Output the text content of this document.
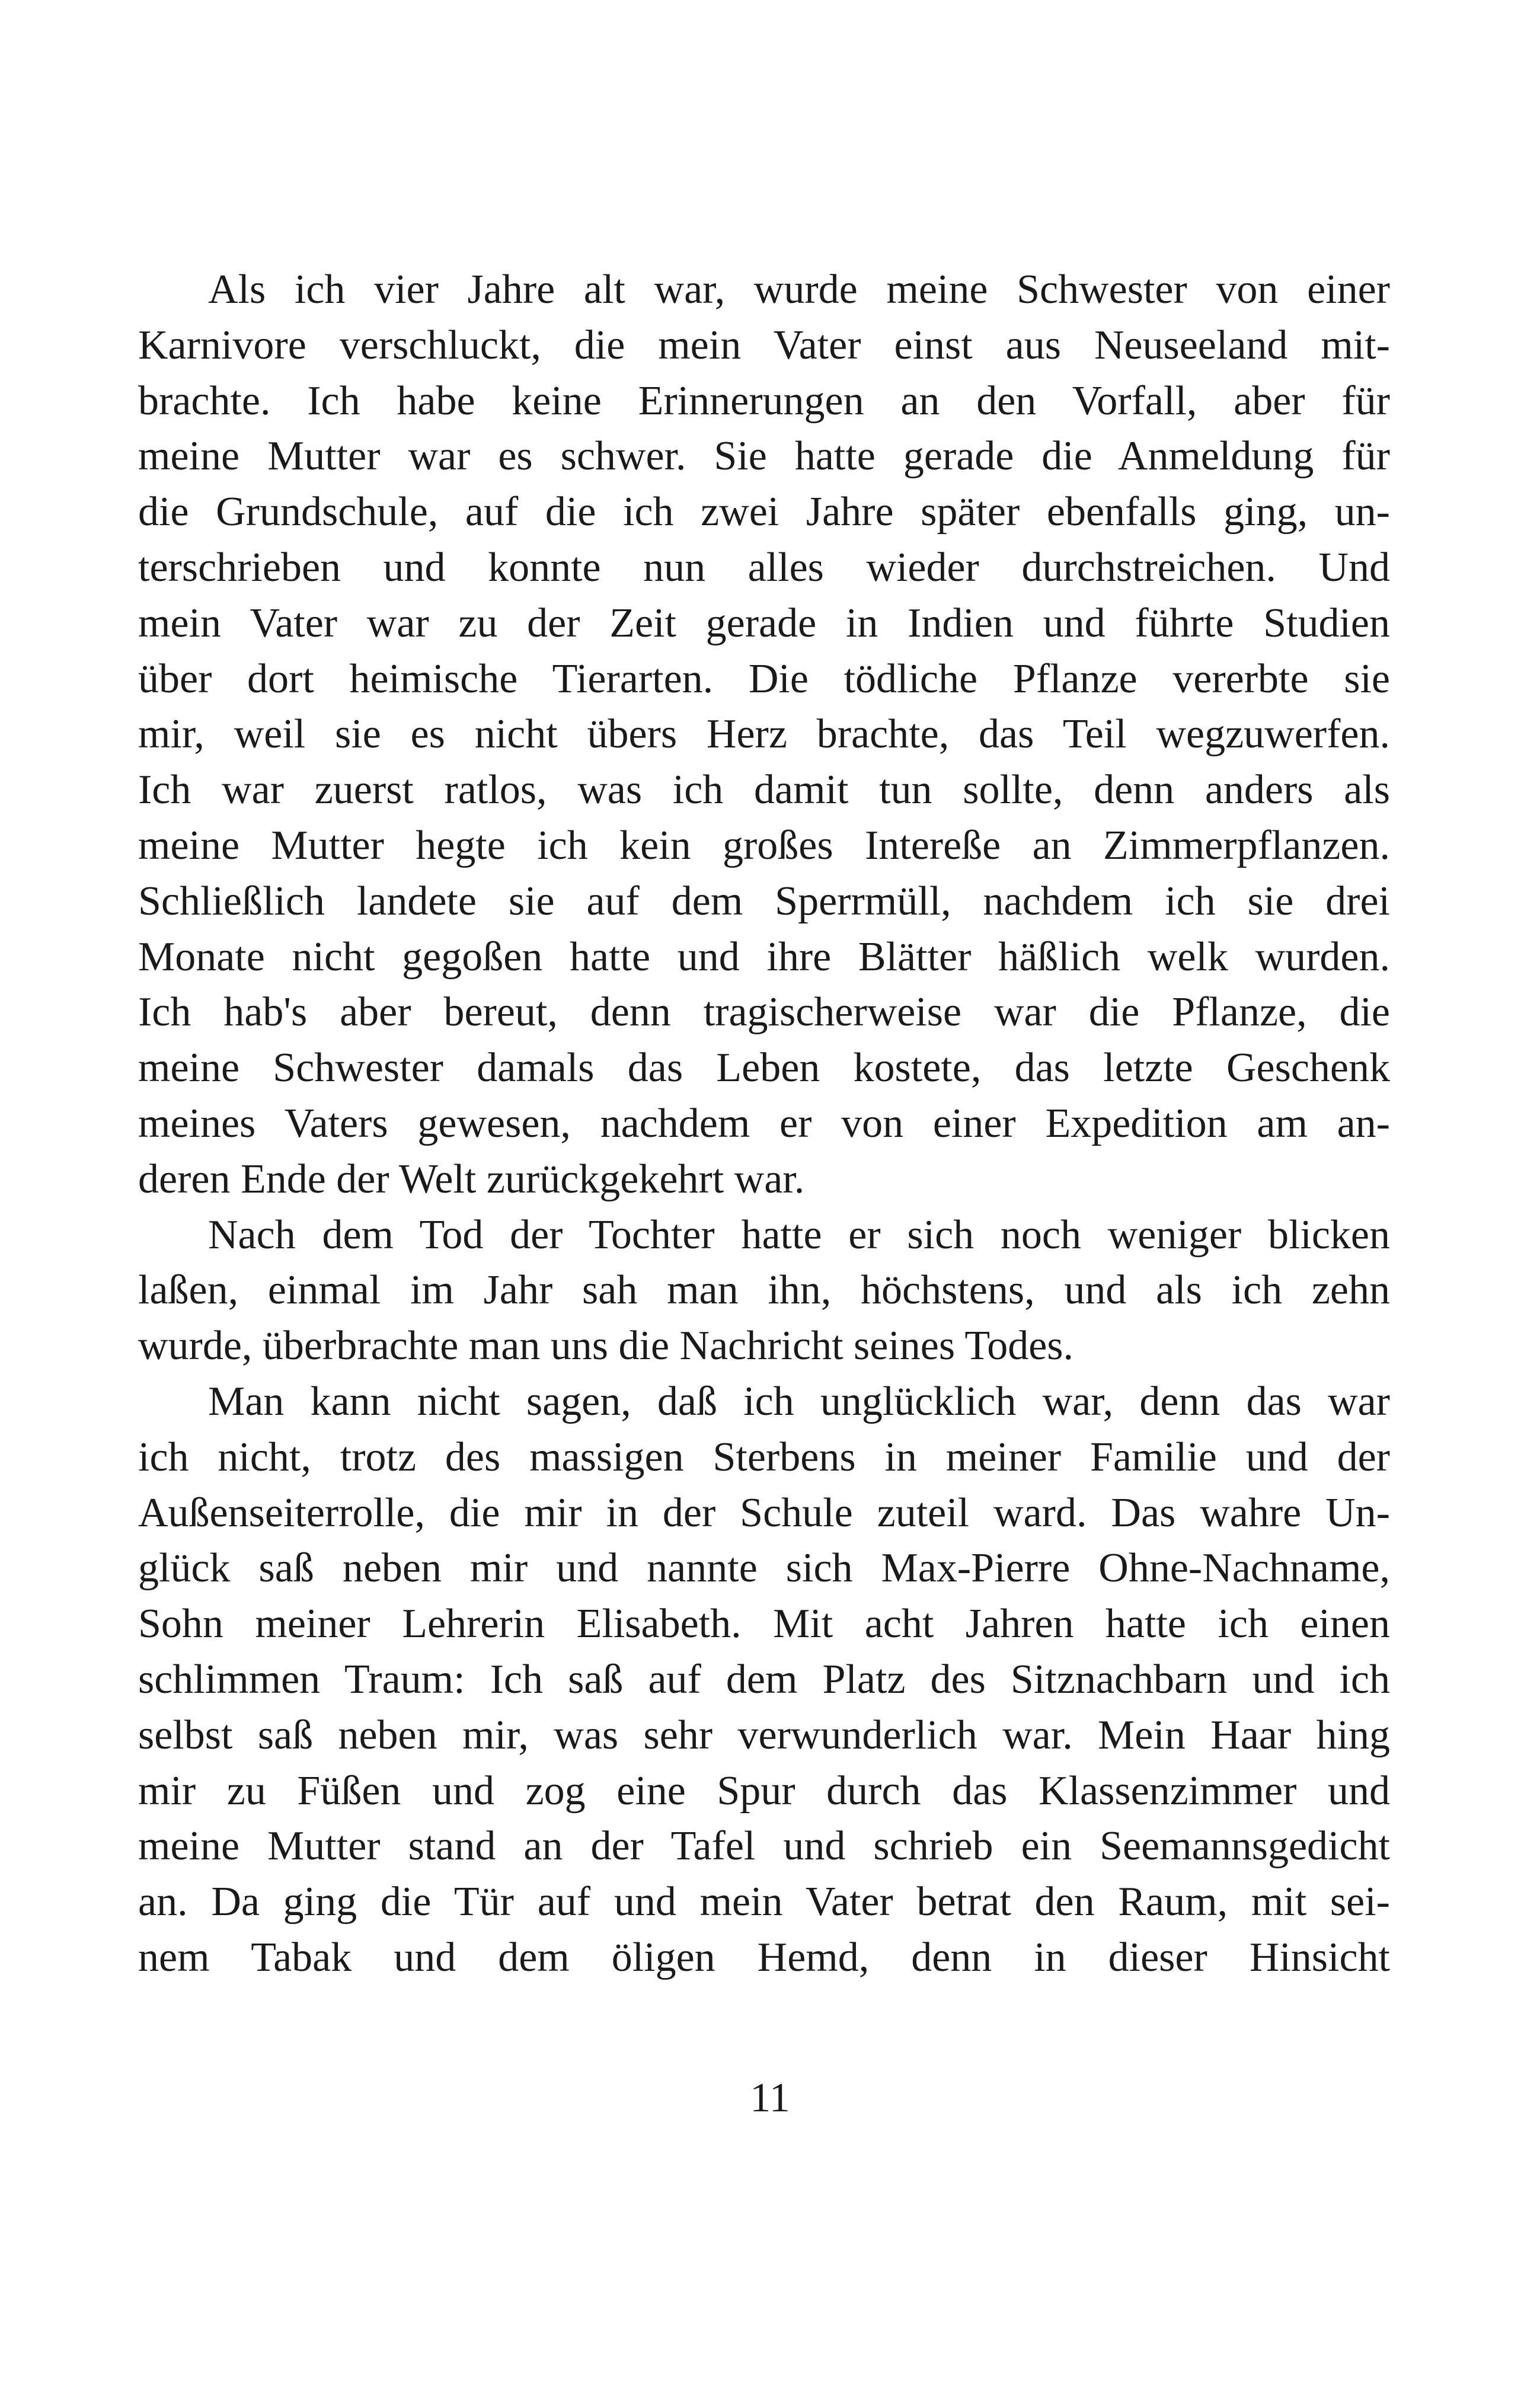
Als ich vier Jahre alt war, wurde meine Schwester von einer
Karnivore verschluckt, die mein Vater einst aus Neuseeland mit-
brachte. Ich habe keine Erinnerungen an den Vorfall, aber für
meine Mutter war es schwer. Sie hatte gerade die Anmeldung für
die Grundschule, auf die ich zwei Jahre später ebenfalls ging, un-
terschrieben und konnte nun alles wieder durchstreichen. Und
mein Vater war zu der Zeit gerade in Indien und führte Studien
über dort heimische Tierarten. Die tödliche Pflanze vererbte sie
mir, weil sie es nicht übers Herz brachte, das Teil wegzuwerfen.
Ich war zuerst ratlos, was ich damit tun sollte, denn anders als
meine Mutter hegte ich kein großes Intereße an Zimmerpflanzen.
Schließlich landete sie auf dem Sperrmüll, nachdem ich sie drei
Monate nicht gegoßen hatte und ihre Blätter häßlich welk wurden.
Ich hab's aber bereut, denn tragischerweise war die Pflanze, die
meine Schwester damals das Leben kostete, das letzte Geschenk
meines Vaters gewesen, nachdem er von einer Expedition am an-
deren Ende der Welt zurückgekehrt war.
Nach dem Tod der Tochter hatte er sich noch weniger blicken
laßen, einmal im Jahr sah man ihn, höchstens, und als ich zehn
wurde, überbrachte man uns die Nachricht seines Todes.
Man kann nicht sagen, daß ich unglücklich war, denn das war
ich nicht, trotz des massigen Sterbens in meiner Familie und der
Außenseiterrolle, die mir in der Schule zuteil ward. Das wahre Un-
glück saß neben mir und nannte sich Max-Pierre Ohne-Nachname,
Sohn meiner Lehrerin Elisabeth. Mit acht Jahren hatte ich einen
schlimmen Traum: Ich saß auf dem Platz des Sitznachbarn und ich
selbst saß neben mir, was sehr verwunderlich war. Mein Haar hing
mir zu Füßen und zog eine Spur durch das Klassenzimmer und
meine Mutter stand an der Tafel und schrieb ein Seemannsgedicht
an. Da ging die Tür auf und mein Vater betrat den Raum, mit sei-
nem Tabak und dem öligen Hemd, denn in dieser Hinsicht
11
